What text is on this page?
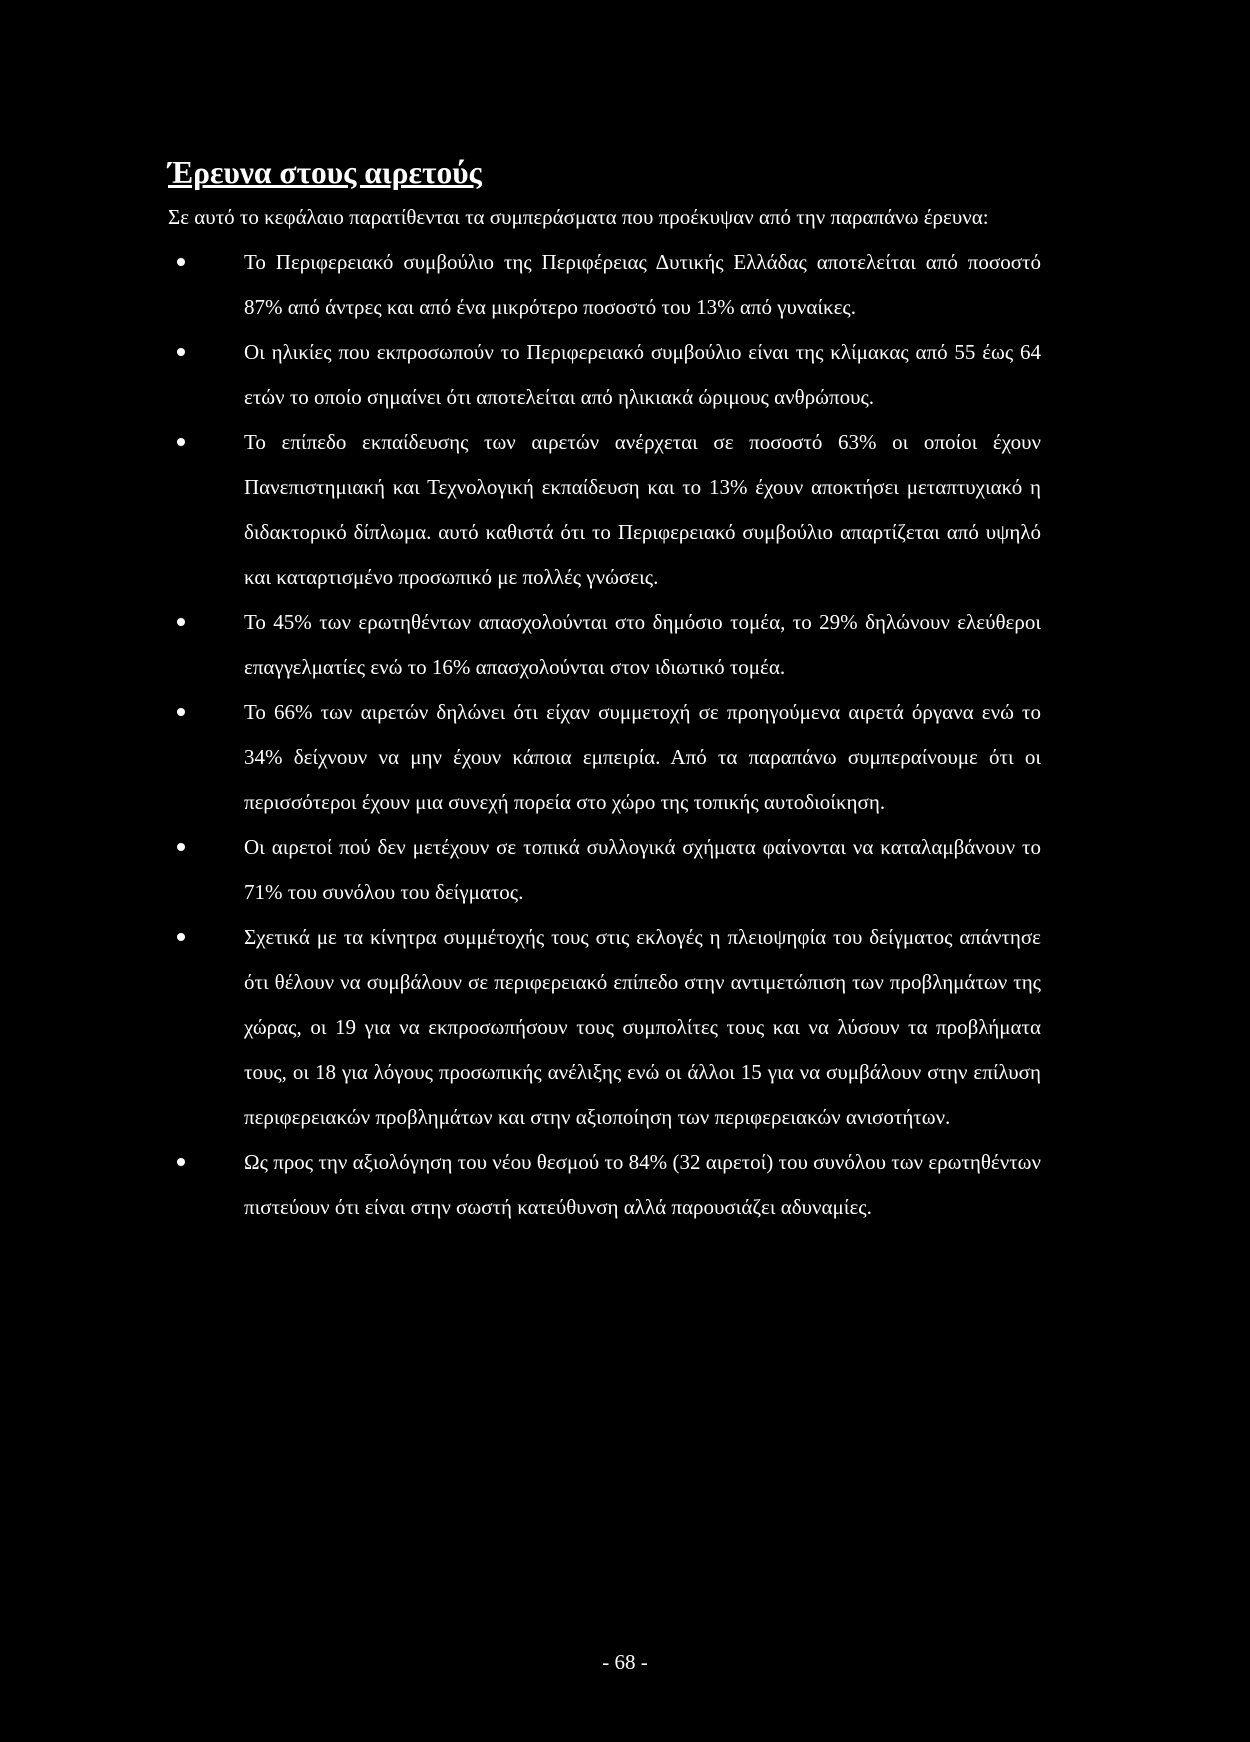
Έρευνα στους αιρετούς

Σε αυτό το κεφάλαιο παρατίθενται τα συμπεράσματα που προέκυψαν από την παραπάνω έρευνα:

Το Περιφερειακό συμβούλιο της Περιφέρειας Δυτικής Ελλάδας αποτελείται από ποσοστό 87% από άντρες και από ένα μικρότερο ποσοστό του 13% από γυναίκες.
Οι ηλικίες που εκπροσωπούν το Περιφερειακό συμβούλιο είναι της κλίμακας από 55 έως 64 ετών το οποίο σημαίνει ότι αποτελείται από ηλικιακά ώριμους ανθρώπους.
Το επίπεδο εκπαίδευσης των αιρετών ανέρχεται σε ποσοστό 63% οι οποίοι έχουν Πανεπιστημιακή και Τεχνολογική εκπαίδευση και το 13% έχουν αποκτήσει μεταπτυχιακό η διδακτορικό δίπλωμα. αυτό καθιστά ότι το Περιφερειακό συμβούλιο απαρτίζεται από υψηλό και καταρτισμένο προσωπικό με πολλές γνώσεις.
Το 45% των ερωτηθέντων απασχολούνται στο δημόσιο τομέα, το 29% δηλώνουν ελεύθεροι επαγγελματίες ενώ το 16% απασχολούνται στον ιδιωτικό τομέα.
Το 66% των αιρετών δηλώνει ότι είχαν συμμετοχή σε προηγούμενα αιρετά όργανα ενώ το 34% δείχνουν να μην έχουν κάποια εμπειρία. Από τα παραπάνω συμπεραίνουμε ότι οι περισσότεροι έχουν μια συνεχή πορεία στο χώρο της τοπικής αυτοδιοίκηση.
Οι αιρετοί πού δεν μετέχουν σε τοπικά συλλογικά σχήματα φαίνονται να καταλαμβάνουν το 71% του συνόλου του δείγματος.
Σχετικά με τα κίνητρα συμμέτοχής τους στις εκλογές η πλειοψηφία του δείγματος απάντησε ότι θέλουν να συμβάλουν σε περιφερειακό επίπεδο στην αντιμετώπιση των προβλημάτων της χώρας, οι 19 για να εκπροσωπήσουν τους συμπολίτες τους και να λύσουν τα προβλήματα τους, οι 18 για λόγους προσωπικής ανέλιξης ενώ οι άλλοι 15 για να συμβάλουν στην επίλυση περιφερειακών προβλημάτων και στην αξιοποίηση των περιφερειακών ανισοτήτων.
Ως προς την αξιολόγηση του νέου θεσμού το 84% (32 αιρετοί) του συνόλου των ερωτηθέντων πιστεύουν ότι είναι στην σωστή κατεύθυνση αλλά παρουσιάζει αδυναμίες.
- 68 -
